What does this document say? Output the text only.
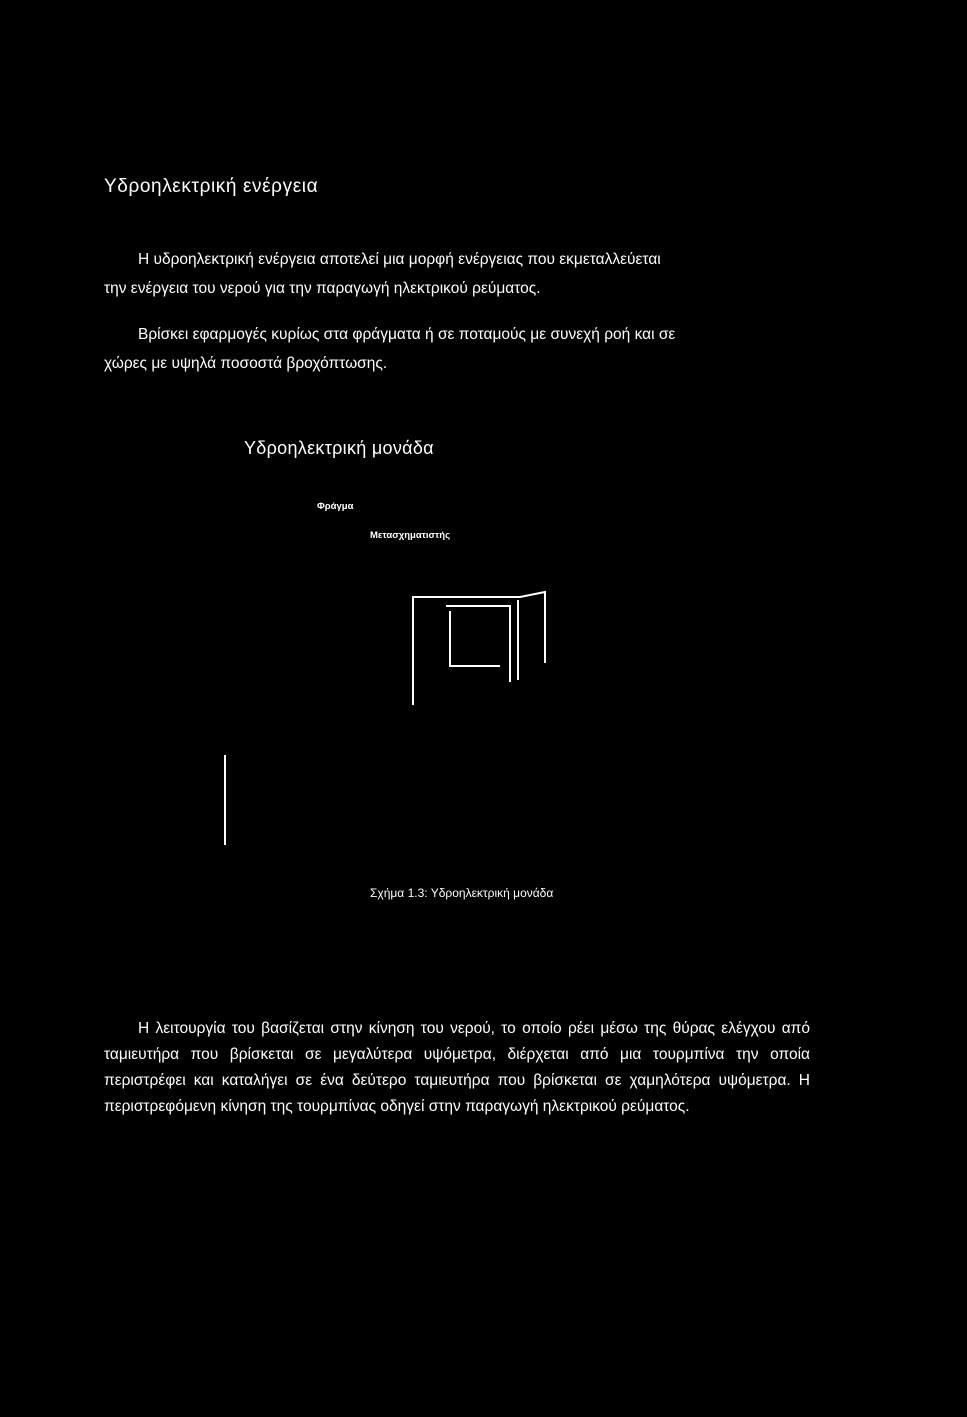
Υδροηλεκτρική ενέργεια
Η υδροηλεκτρική ενέργεια αποτελεί μια μορφή ενέργειας που εκμεταλλεύεται
την ενέργεια του νερού για την παραγωγή ηλεκτρικού ρεύματος.
Βρίσκει εφαρμογές κυρίως στα φράγματα ή σε ποταμούς με συνεχή ροή και σε
χώρες με υψηλά ποσοστά βροχόπτωσης.
Υδροηλεκτρική μονάδα
Φράγμα
Μετασχηματιστής
Σχήμα 1.3: Υδροηλεκτρική μονάδα
Η λειτουργία του βασίζεται στην κίνηση του νερού, το οποίο ρέει μέσω της θύρας ελέγχου από ταμιευτήρα που βρίσκεται σε μεγαλύτερα υψόμετρα, διέρχεται από μια τουρμπίνα την οποία περιστρέφει και καταλήγει σε ένα δεύτερο ταμιευτήρα που βρίσκεται σε χαμηλότερα υψόμετρα. Η περιστρεφόμενη κίνηση της τουρμπίνας οδηγεί στην παραγωγή ηλεκτρικού ρεύματος.
